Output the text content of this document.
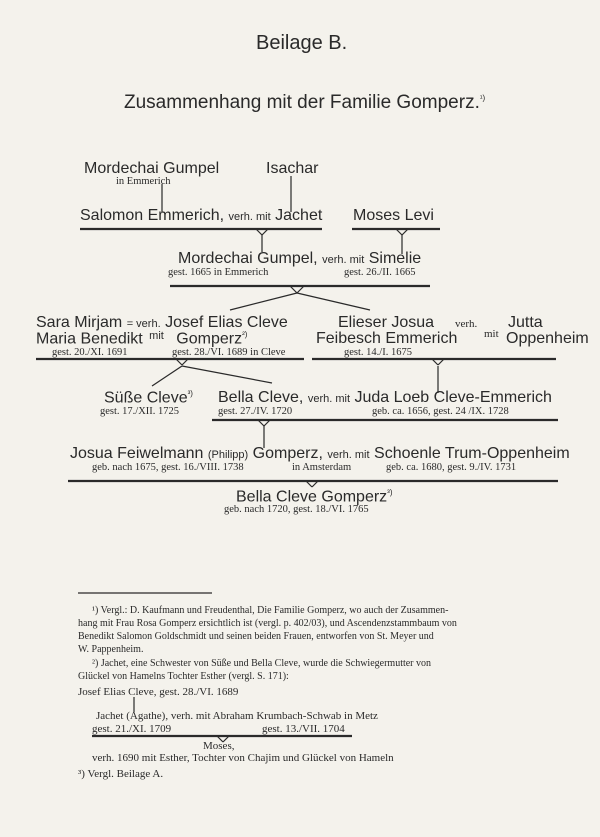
Beilage B.
Zusammenhang mit der Familie Gomperz.$^{^1)}$
Mordechai Gumpel
in Emmerich
Isachar
Salomon Emmerich, verh. mit Jachet Moses Levi
Mordechai Gumpel, verh. mit Simelie
gest. 1665 in Emmerich	gest. 26./II. 1665
Sara Mirjam = verh. Josef Elias Cleve
Maria Benedikt $^{mit}$ Gomperz$^{^2)}$
gest. 20./XI. 1691	gest. 28./VI. 1689 in Cleve
Elieser Josua verh. Jutta
Feibesch Emmerich mit Oppenheim
gest. 14./I. 1675
Süße Cleve$^{^3)}$
gest. 17./XII. 1725
Bella Cleve, verh. mit Juda Loeb Cleve-Emmerich
gest. 27./IV. 1720	geb. ca. 1656, gest. 24 /IX. 1728
Josua Feiwelmann (Philipp) Gomperz, verh. mit Schoenle Trum-Oppenheim
geb. nach 1675, gest. 16./VIII. 1738	in Amsterdam	geb. ca. 1680, gest. 9./IV. 1731
Bella Cleve Gomperz$^{^3)}$
geb. nach 1720, gest. 18./VI. 1765
¹) Vergl.: D. Kaufmann und Freudenthal, Die Familie Gomperz, wo auch der Zusammen-
hang mit Frau Rosa Gomperz ersichtlich ist (vergl. p. 402/03), und Ascendenzstammbaum von
Benedikt Salomon Goldschmidt und seinen beiden Frauen, entworfen von St. Meyer und
W. Pappenheim.
²) Jachet, eine Schwester von Süße und Bella Cleve, wurde die Schwiegermutter von
Glückel von Hamelns Tochter Esther (vergl. S. 171):
Josef Elias Cleve, gest. 28./VI. 1689
Jachet (Agathe), verh. mit Abraham Krumbach-Schwab in Metz
gest. 21./XI. 1709	gest. 13./VII. 1704
Moses,
verh. 1690 mit Esther, Tochter von Chajim und Glückel von Hameln
³) Vergl. Beilage A.
